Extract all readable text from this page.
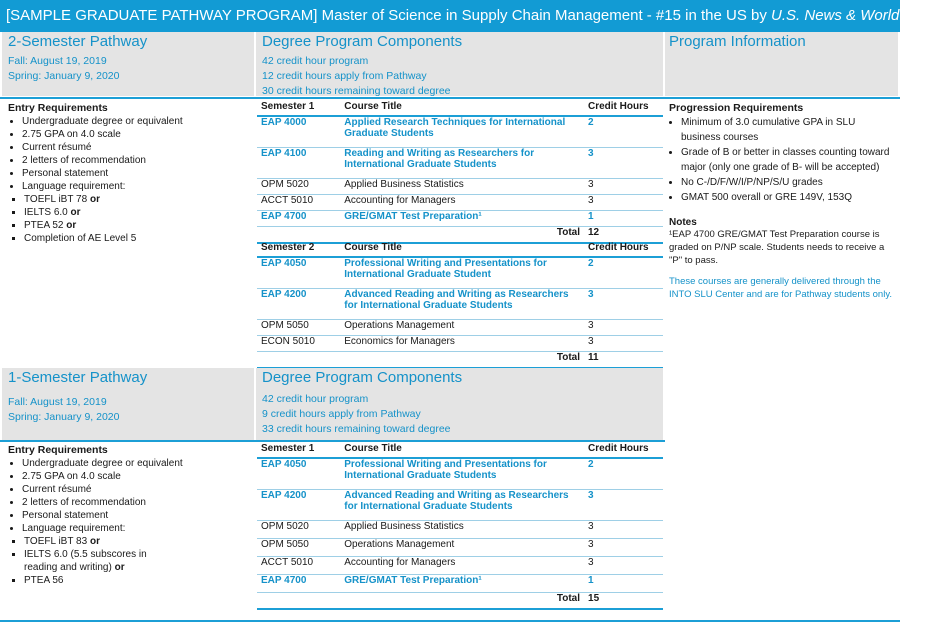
[SAMPLE GRADUATE PATHWAY PROGRAM] Master of Science in Supply Chain Management - #15 in the US by U.S. News & World Report
2-Semester Pathway
Fall: August 19, 2019
Spring: January 9, 2020
Degree Program Components
42 credit hour program
12 credit hours apply from Pathway
30 credit hours remaining toward degree
Program Information
Entry Requirements
• Undergraduate degree or equivalent
• 2.75 GPA on 4.0 scale
• Current résumé
• 2 letters of recommendation
• Personal statement
• Language requirement:
▪ TOEFL iBT 78 or
▪ IELTS 6.0 or
▪ PTEA 52 or
▪ Completion of AE Level 5
Semester 1	Course Title	Credit Hours
EAP 4000	Applied Research Techniques for International Graduate Students	2
EAP 4100	Reading and Writing as Researchers for International Graduate Students	3
OPM 5020	Applied Business Statistics	3
ACCT 5010	Accounting for Managers	3
EAP 4700	GRE/GMAT Test Preparation¹	1
	Total	12
Semester 2	Course Title	Credit Hours
EAP 4050	Professional Writing and Presentations for International Graduate Student	2
EAP 4200	Advanced Reading and Writing as Researchers for International Graduate Students	3
OPM 5050	Operations Management	3
ECON 5010	Economics for Managers	3
	Total	11
Progression Requirements
• Minimum of 3.0 cumulative GPA in SLU business courses
• Grade of B or better in classes counting toward major (only one grade of B- will be accepted)
• No C-/D/F/W/I/P/NP/S/U grades
• GMAT 500 overall or GRE 149V, 153Q
Notes
¹EAP 4700 GRE/GMAT Test Preparation course is graded on P/NP scale. Students needs to receive a "P" to pass.
These courses are generally delivered through the INTO SLU Center and are for Pathway students only.
1-Semester Pathway
Fall: August 19, 2019
Spring: January 9, 2020
Degree Program Components
42 credit hour program
9 credit hours apply from Pathway
33 credit hours remaining toward degree
Entry Requirements
• Undergraduate degree or equivalent
• 2.75 GPA on 4.0 scale
• Current résumé
• 2 letters of recommendation
• Personal statement
• Language requirement:
▪ TOEFL iBT 83 or
▪ IELTS 6.0 (5.5 subscores in reading and writing) or
▪ PTEA 56
Semester 1	Course Title	Credit Hours
EAP 4050	Professional Writing and Presentations for International Graduate Students	2
EAP 4200	Advanced Reading and Writing as Researchers for International Graduate Students	3
OPM 5020	Applied Business Statistics	3
OPM 5050	Operations Management	3
ACCT 5010	Accounting for Managers	3
EAP 4700	GRE/GMAT Test Preparation¹	1
	Total	15
